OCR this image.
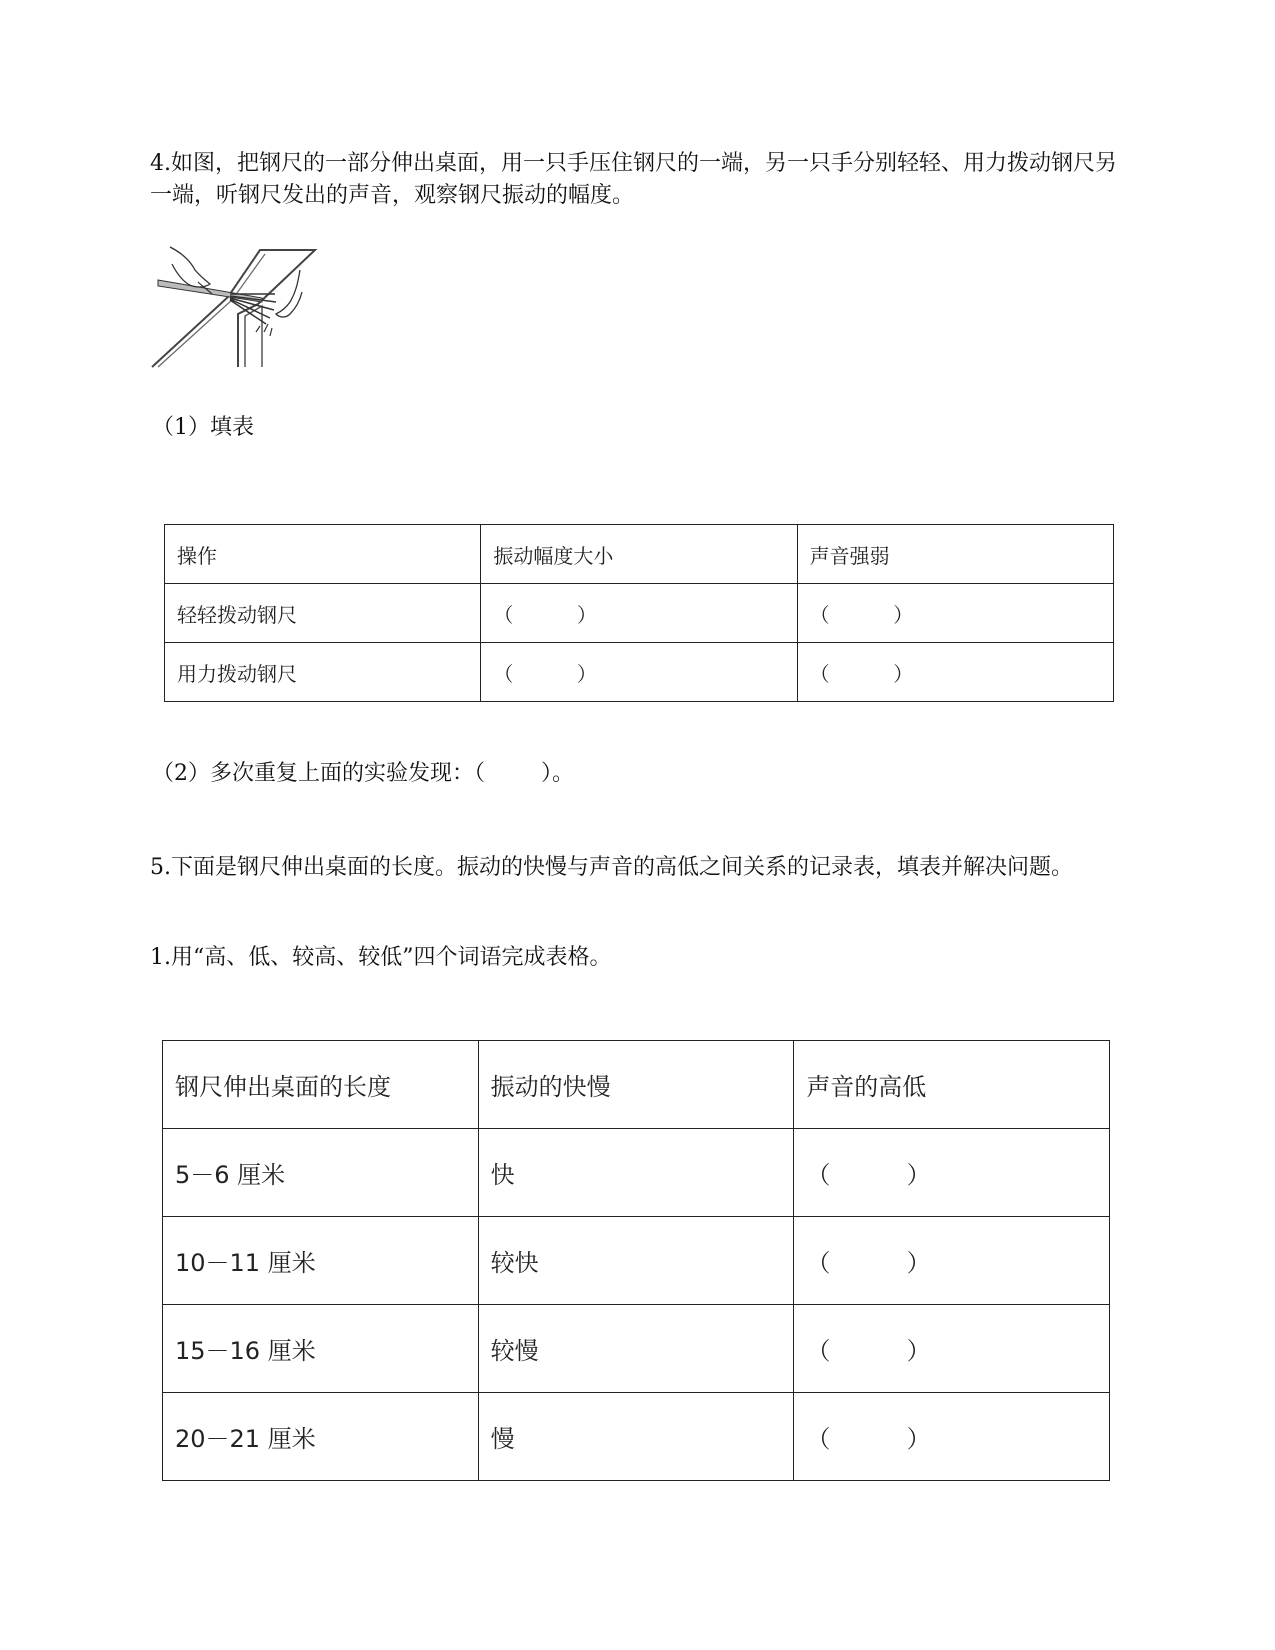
4.如图，把钢尺的一部分伸出桌面，用一只手压住钢尺的一端，另一只手分别轻轻、用力拨动钢尺另一端，听钢尺发出的声音，观察钢尺振动的幅度。

（1）填表

操作	振动幅度大小	声音强弱
轻轻拨动钢尺	（          ）	（          ）
用力拨动钢尺	（          ）	（          ）

（2）多次重复上面的实验发现：（        ）。

5.下面是钢尺伸出桌面的长度。振动的快慢与声音的高低之间关系的记录表，填表并解决问题。

1.用“高、低、较高、较低”四个词语完成表格。

钢尺伸出桌面的长度	振动的快慢	声音的高低
5－6 厘米	快	（          ）
10－11 厘米	较快	（          ）
15－16 厘米	较慢	（          ）
20－21 厘米	慢	（          ）
